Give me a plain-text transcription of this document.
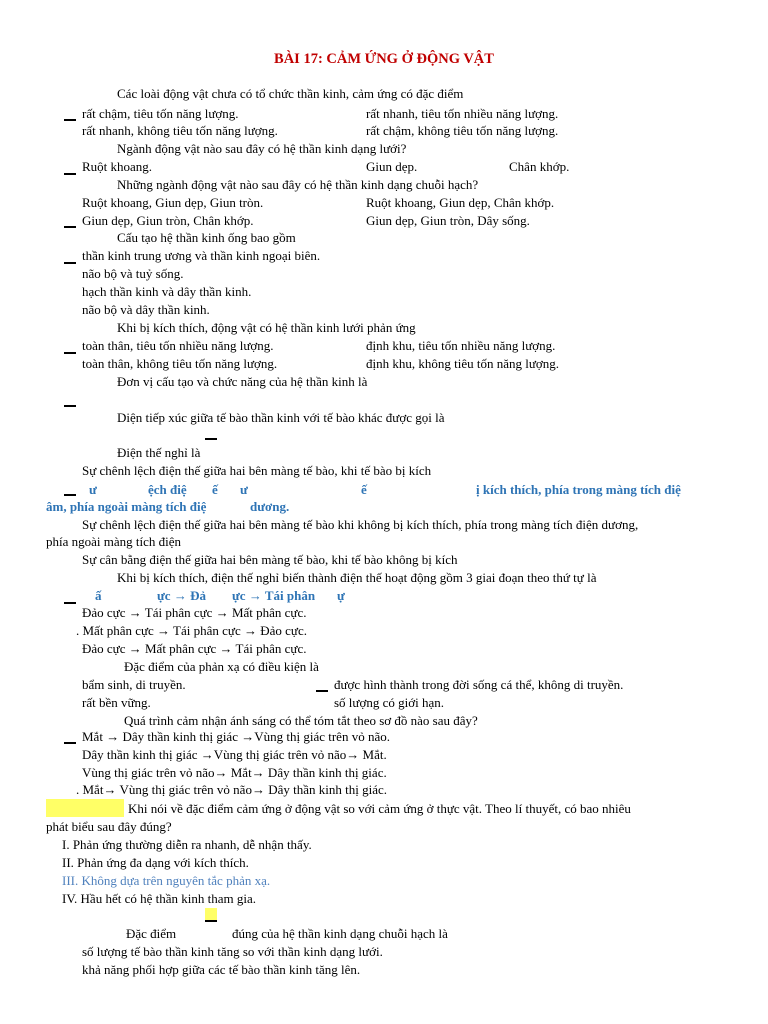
BÀI 17: CẢM ỨNG Ở ĐỘNG VẬT
Các loài động vật chưa có tổ chức thần kinh, cảm ứng có đặc điểm
rất chậm, tiêu tốn năng lượng.	rất nhanh, tiêu tốn nhiều năng lượng.
rất nhanh, không tiêu tốn năng lượng.	rất chậm, không tiêu tốn năng lượng.
Ngành động vật nào sau đây có hệ thần kinh dạng lưới?
Ruột khoang.	Giun dẹp.	Chân khớp.
Những ngành động vật nào sau đây có hệ thần kinh dạng chuỗi hạch?
Ruột khoang, Giun dẹp, Giun tròn.	Ruột khoang, Giun dẹp, Chân khớp.
Giun dẹp, Giun tròn, Chân khớp.	Giun dẹp, Giun tròn, Dây sống.
Cấu tạo hệ thần kinh ống bao gồm
thần kinh trung ương và thần kinh ngoại biên.
não bộ và tuỷ sống.
hạch thần kinh và dây thần kinh.
não bộ và dây thần kinh.
Khi bị kích thích, động vật có hệ thần kinh lưới phản ứng
toàn thân, tiêu tốn nhiều năng lượng.	định khu, tiêu tốn nhiều năng lượng.
toàn thân, không tiêu tốn năng lượng.	định khu, không tiêu tốn năng lượng.
Đơn vị cấu tạo và chức năng của hệ thần kinh là
Diện tiếp xúc giữa tế bào thần kinh với tế bào khác được gọi là
Điện thế nghỉ là
Sự chênh lệch điện thế giữa hai bên màng tế bào, khi tế bào bị kích
Sự chênh lệch điện thế giữa hai bên màng tế bào khi không bị kích thích, phía trong màng tích điện dương,
phía ngoài màng tích điện
Sự cân bằng điện thế giữa hai bên màng tế bào, khi tế bào không bị kích
Khi bị kích thích, điện thế nghỉ biến thành điện thế hoạt động gồm 3 giai đoạn theo thứ tự là
Đảo cực → Tái phân cực → Mất phân cực.
. Mất phân cực → Tái phân cực → Đảo cực.
Đảo cực → Mất phân cực → Tái phân cực.
Đặc điểm của phản xạ có điều kiện là
bẩm sinh, di truyền.	được hình thành trong đời sống cá thể, không di truyền.
rất bền vững.	số lượng có giới hạn.
Quá trình cảm nhận ánh sáng có thể tóm tắt theo sơ đồ nào sau đây?
Mắt → Dây thần kinh thị giác →Vùng thị giác trên vỏ não.
Dây thần kinh thị giác →Vùng thị giác trên vỏ não→ Mắt.
Vùng thị giác trên vỏ não→ Mắt→ Dây thần kinh thị giác.
. Mắt→ Vùng thị giác trên vỏ não→ Dây thần kinh thị giác.
Khi nói về đặc điểm cảm ứng ở động vật so với cảm ứng ở thực vật. Theo lí thuyết, có bao nhiêu
phát biểu sau đây đúng?
I. Phản ứng thường diễn ra nhanh, dễ nhận thấy.
II. Phản ứng đa dạng với kích thích.
IV. Hầu hết có hệ thần kinh tham gia.
Đặc điểm	đúng của hệ thần kinh dạng chuỗi hạch là
số lượng tế bào thần kinh tăng so với thần kinh dạng lưới.
khả năng phối hợp giữa các tế bào thần kinh tăng lên.
ư	ệch điệ ế ư	ế	ị kích thích, phía trong màng tích điệ
âm, phía ngoài màng tích điệ	dương.
ấ	ực → Đả ực → Tái phân ự
III. Không dựa trên nguyên tắc phản xạ.
